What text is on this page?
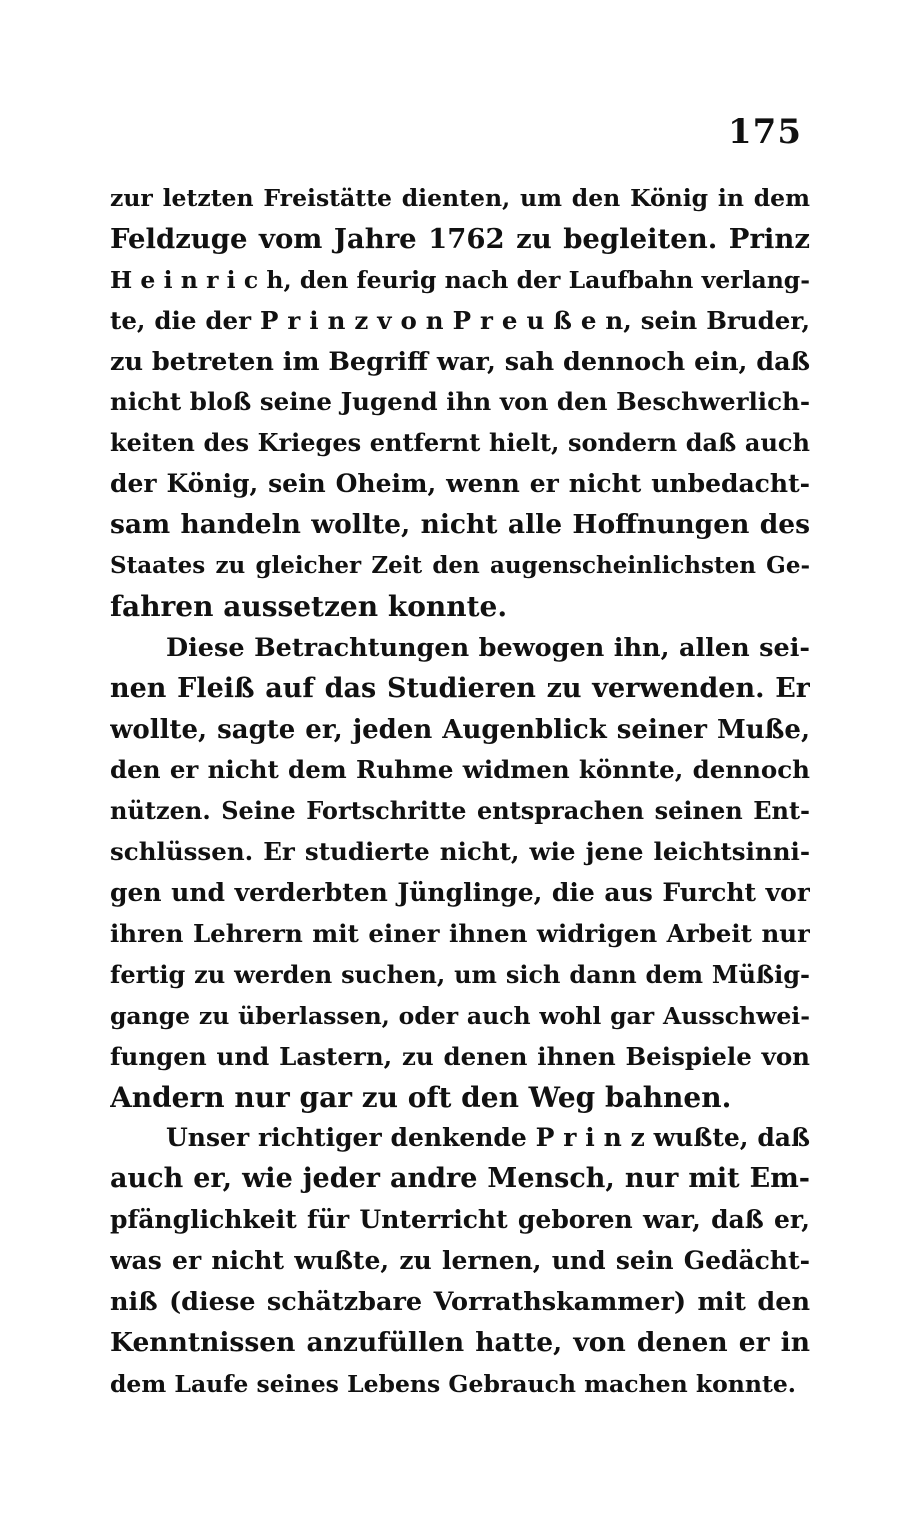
175
zur letzten Freistätte dienten, um den König in dem
Feldzuge vom Jahre 1762 zu begleiten. Prinz
H e i n r i c h, den feurig nach der Laufbahn verlang-
te, die der P r i n z v o n P r e u ß e n, sein Bruder,
zu betreten im Begriff war, sah dennoch ein, daß
nicht bloß seine Jugend ihn von den Beschwerlich-
keiten des Krieges entfernt hielt, sondern daß auch
der König, sein Oheim, wenn er nicht unbedacht-
sam handeln wollte, nicht alle Hoffnungen des
Staates zu gleicher Zeit den augenscheinlichsten Ge-
fahren aussetzen konnte.
Diese Betrachtungen bewogen ihn, allen sei-
nen Fleiß auf das Studieren zu verwenden. Er
wollte, sagte er, jeden Augenblick seiner Muße,
den er nicht dem Ruhme widmen könnte, dennoch
nützen. Seine Fortschritte entsprachen seinen Ent-
schlüssen. Er studierte nicht, wie jene leichtsinni-
gen und verderbten Jünglinge, die aus Furcht vor
ihren Lehrern mit einer ihnen widrigen Arbeit nur
fertig zu werden suchen, um sich dann dem Müßig-
gange zu überlassen, oder auch wohl gar Ausschwei-
fungen und Lastern, zu denen ihnen Beispiele von
Andern nur gar zu oft den Weg bahnen.
Unser richtiger denkende P r i n z wußte, daß
auch er, wie jeder andre Mensch, nur mit Em-
pfänglichkeit für Unterricht geboren war, daß er,
was er nicht wußte, zu lernen, und sein Gedächt-
niß (diese schätzbare Vorrathskammer) mit den
Kenntnissen anzufüllen hatte, von denen er in
dem Laufe seines Lebens Gebrauch machen konnte.
